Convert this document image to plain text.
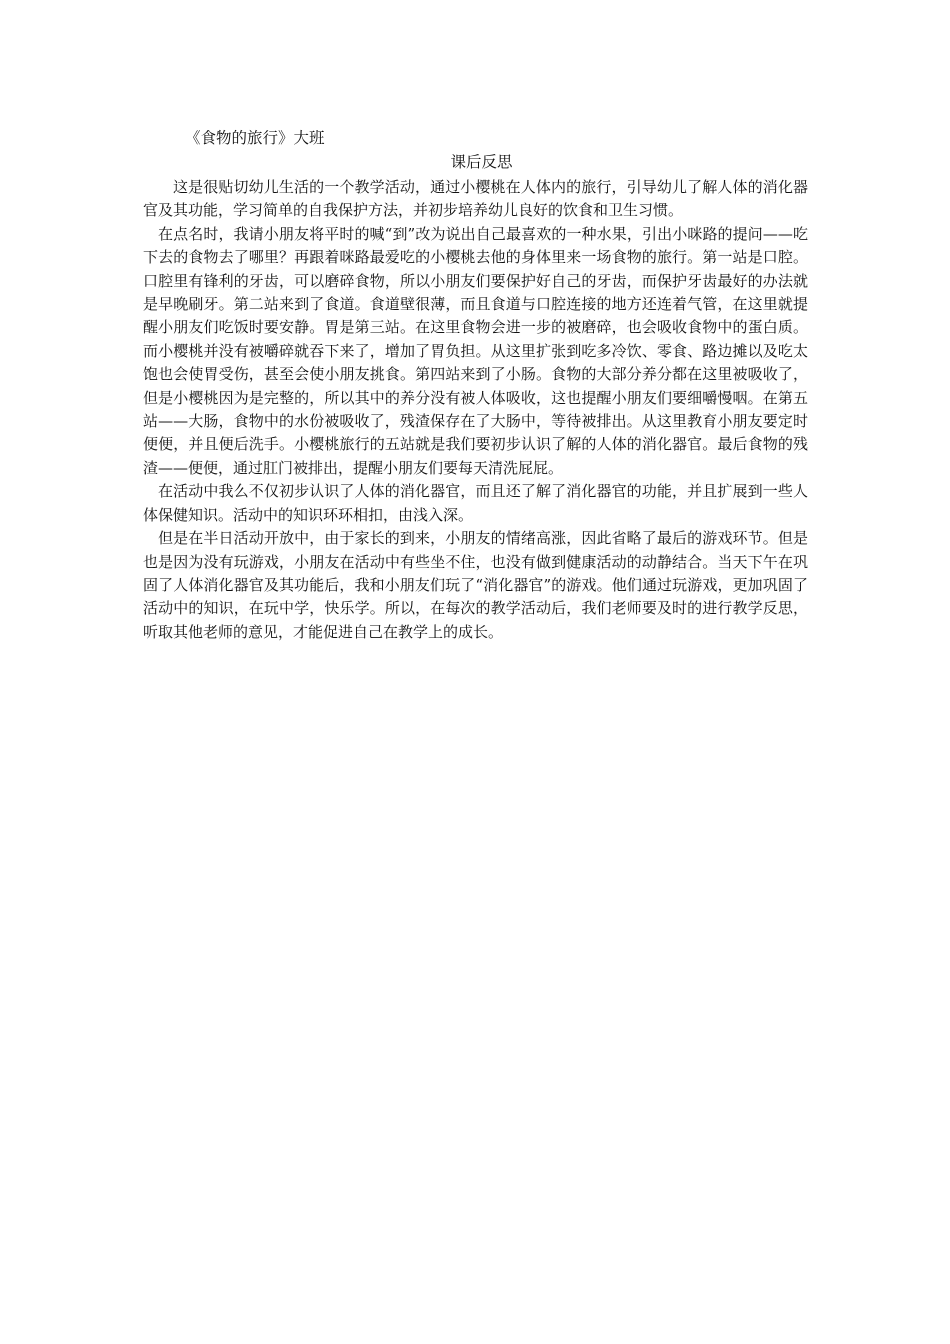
《食物的旅行》大班
课后反思

这是很贴切幼儿生活的一个教学活动，通过小樱桃在人体内的旅行，引导幼儿了解人体的消化器官及其功能，学习简单的自我保护方法，并初步培养幼儿良好的饮食和卫生习惯。

在点名时，我请小朋友将平时的喊“到”改为说出自己最喜欢的一种水果，引出小咪路的提问——吃下去的食物去了哪里？再跟着咪路最爱吃的小樱桃去他的身体里来一场食物的旅行。第一站是口腔。口腔里有锋利的牙齿，可以磨碎食物，所以小朋友们要保护好自己的牙齿，而保护牙齿最好的办法就是早晚刷牙。第二站来到了食道。食道壁很薄，而且食道与口腔连接的地方还连着气管，在这里就提醒小朋友们吃饭时要安静。胃是第三站。在这里食物会进一步的被磨碎，也会吸收食物中的蛋白质。而小樱桃并没有被嚼碎就吞下来了，增加了胃负担。从这里扩张到吃多冷饮、零食、路边摊以及吃太饱也会使胃受伤，甚至会使小朋友挑食。第四站来到了小肠。食物的大部分养分都在这里被吸收了，但是小樱桃因为是完整的，所以其中的养分没有被人体吸收，这也提醒小朋友们要细嚼慢咽。在第五站——大肠，食物中的水份被吸收了，残渣保存在了大肠中，等待被排出。从这里教育小朋友要定时便便，并且便后洗手。小樱桃旅行的五站就是我们要初步认识了解的人体的消化器官。最后食物的残渣——便便，通过肛门被排出，提醒小朋友们要每天清洗屁屁。

在活动中我么不仅初步认识了人体的消化器官，而且还了解了消化器官的功能，并且扩展到一些人体保健知识。活动中的知识环环相扣，由浅入深。

但是在半日活动开放中，由于家长的到来，小朋友的情绪高涨，因此省略了最后的游戏环节。但是也是因为没有玩游戏，小朋友在活动中有些坐不住，也没有做到健康活动的动静结合。当天下午在巩固了人体消化器官及其功能后，我和小朋友们玩了“消化器官”的游戏。他们通过玩游戏，更加巩固了活动中的知识，在玩中学，快乐学。所以，在每次的教学活动后，我们老师要及时的进行教学反思，听取其他老师的意见，才能促进自己在教学上的成长。
